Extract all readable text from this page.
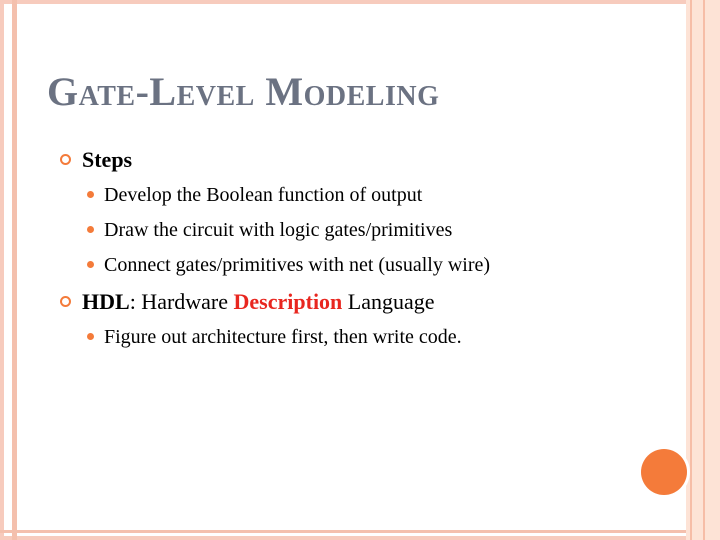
Gate-Level Modeling

Steps

Develop the Boolean function of output

Draw the circuit with logic gates/primitives

Connect gates/primitives with net (usually wire)

HDL: Hardware Description Language

Figure out architecture first, then write code.
